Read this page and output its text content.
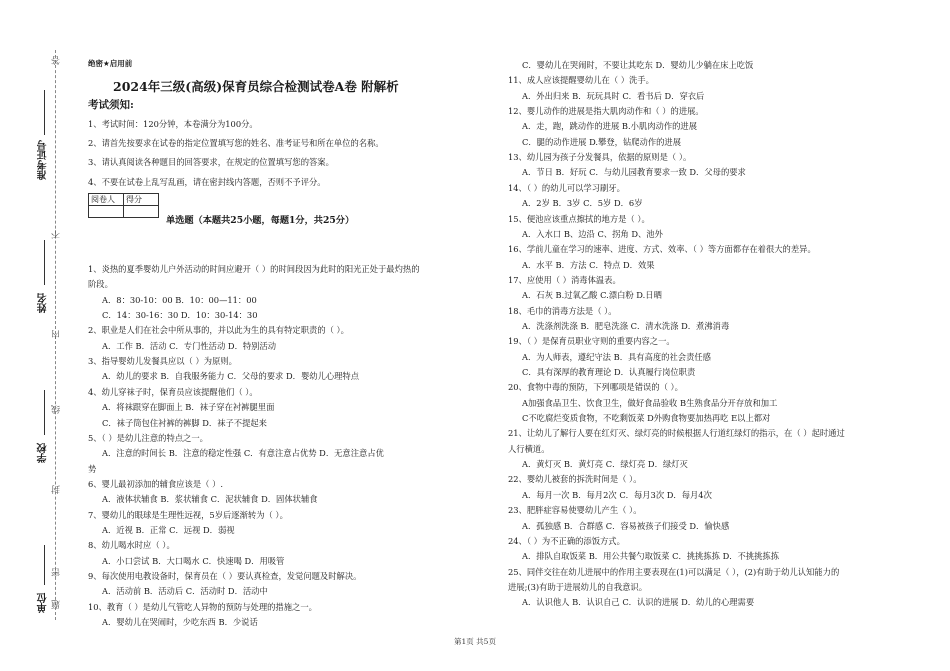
准考证号
姓名
学校
单位
答
不
内
线
封
密
题
绝密★启用前
2024年三级(高级)保育员综合检测试卷A卷 附解析
考试须知:
1、考试时间：120分钟，本卷满分为100分。
2、请首先按要求在试卷的指定位置填写您的姓名、准考证号和所在单位的名称。
3、请认真阅读各种题目的回答要求，在规定的位置填写您的答案。
4、不要在试卷上乱写乱画，请在密封线内答题，否则不予评分。
阅卷人	得分

单选题（本题共25小题，每题1分，共25分）
1、炎热的夏季婴幼儿户外活动的时间应避开（ ）的时间段因为此时的阳光正处于最灼热的
阶段。
A．8：30-10：00 B．10：00—11：00
C．14：30-16：30 D．10：30-14：30
2、职业是人们在社会中所从事的，并以此为生的具有特定职责的（ ）。
A．工作 B．活动 C．专门性活动 D．特别活动
3、指导婴幼儿发餐具应以（ ）为原则。
A．幼儿的要求 B．自我服务能力 C．父母的要求 D．婴幼儿心理特点
4、幼儿穿袜子时，保育员应该提醒他们（ ）。
A．将袜跟穿在脚面上 B．袜子穿在衬裤腿里面
C．袜子筒包住衬裤的裤脚 D．袜子不提起来
5、（ ）是幼儿注意的特点之一。
A．注意的时间长 B．注意的稳定性强 C．有意注意占优势 D．无意注意占优
势
6、婴儿最初添加的辅食应该是（ ）.
A．液体状辅食 B．浆状辅食 C．泥状辅食 D．固体状辅食
7、婴幼儿的眼球是生理性远视，5岁后逐渐转为（ ）。
A．近视 B．正常 C．远视 D．弱视
8、幼儿喝水时应（ ）。
A．小口尝试 B．大口喝水 C．快速喝 D．用吸管
9、每次使用电教设备时，保育员在（ ）要认真检查，发觉问题及时解决。
A．活动前 B．活动后 C．活动时 D．活动中
10、教育（ ）是幼儿气管吃人异物的预防与处理的措施之一。
A．婴幼儿在哭闹时，少吃东西 B．少说话
C．婴幼儿在哭闹时，不要让其吃东 D．婴幼儿少躺在床上吃饭
11、成人应该提醒婴幼儿在（ ）洗手。
A．外出归来 B．玩玩具时 C．看书后 D．穿衣后
12、婴儿动作的进展是指大肌肉动作和（ ）的进展。
A．走，跑，跳动作的进展 B.小肌肉动作的进展
C．腿的动作进展 D.攀登，钻爬动作的进展
13、幼儿园为孩子分发餐具，依据的原则是（ ）。
A．节日 B．好玩 C．与幼儿园教育要求一致 D．父母的要求
14、（ ）的幼儿可以学习刷牙。
A．2岁 B．3岁 C．5岁 D．6岁
15、便池应该重点擦拭的地方是（ ）。
A．入水口 B、边沿 C、拐角 D、池外
16、学前儿童在学习的速率、进度、方式、效率、（ ）等方面都存在着很大的差异。
A．水平 B．方法 C．特点 D．效果
17、应使用（ ）消毒体温表。
A．石灰 B.过氧乙酸 C.漂白粉 D.日晒
18、毛巾的消毒方法是（ ）。
A．洗涤剂洗涤 B．肥皂洗涤 C．清水洗涤 D．煮沸消毒
19、（ ）是保育员职业守则的重要内容之一。
A．为人师表，遵纪守法 B．具有高度的社会责任感
C．具有深厚的教育理论 D．认真履行岗位职责
20、食物中毒的预防，下列哪项是错误的（ ）。
A加强食品卫生、饮食卫生，做好食品验收 B生熟食品分开存放和加工
C不吃腐烂变质食物，不吃剩饭菜 D外购食物要加热再吃 E以上都对
21、让幼儿了解行人要在红灯灭、绿灯亮的时候根据人行道红绿灯的指示，在（ ）起时通过
人行横道。
A．黄灯灭 B．黄灯亮 C．绿灯亮 D．绿灯灭
22、婴幼儿被套的拆洗时间是（ ）。
A．每月一次 B．每月2次 C．每月3次 D．每月4次
23、肥胖症容易使婴幼儿产生（ ）。
A．孤独感 B．合群感 C．容易被孩子们接受 D．愉快感
24、（ ）为不正确的添饭方式。
A．排队自取饭菜 B．用公共餐勺取饭菜 C．挑挑拣拣 D．不挑挑拣拣
25、同伴交往在幼儿进展中的作用主要表现在(1)可以满足（ ），(2)有助于幼儿认知能力的
进展;(3)有助于进展幼儿的自我意识。
A．认识他人 B．认识自己 C．认识的进展 D．幼儿的心理需要
第1页 共5页
